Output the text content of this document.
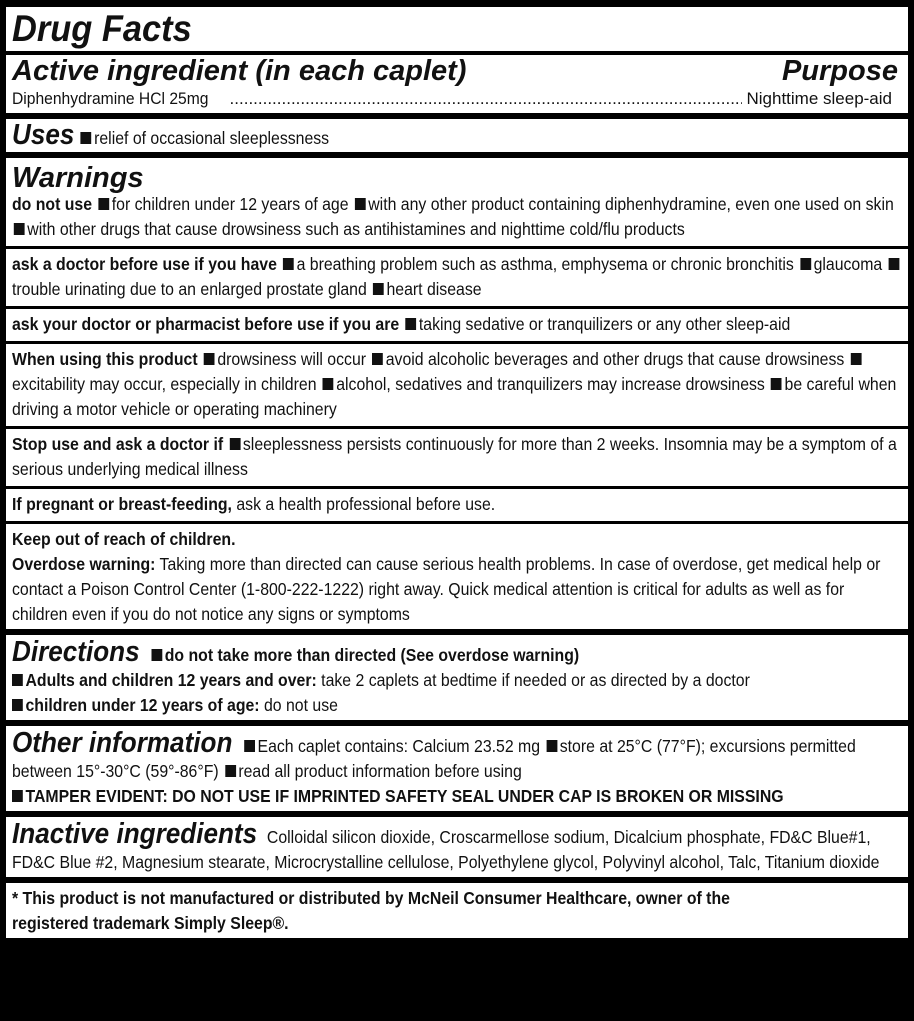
Drug Facts
Active ingredient (in each caplet)	Purpose
Diphenhydramine HCl 25mg
.....	Nighttime sleep-aid
Uses relief of occasional sleeplessness
Warnings
do not use for children under 12 years of age with any other product containing diphenhydramine, even one used on skin with other drugs that cause drowsiness such as antihistamines and nighttime cold/flu products
ask a doctor before use if you have a breathing problem such as asthma, emphysema or chronic bronchitis glaucoma trouble urinating due to an enlarged prostate gland heart disease
ask your doctor or pharmacist before use if you are taking sedative or tranquilizers or any other sleep-aid
When using this product drowsiness will occur avoid alcoholic beverages and other drugs that cause drowsiness excitability may occur, especially in children alcohol, sedatives and tranquilizers may increase drowsiness be careful when driving a motor vehicle or operating machinery
Stop use and ask a doctor if sleeplessness persists continuously for more than 2 weeks. Insomnia may be a symptom of a serious underlying medical illness
If pregnant or breast-feeding, ask a health professional before use.
Keep out of reach of children.
Overdose warning: Taking more than directed can cause serious health problems. In case of overdose, get medical help or contact a Poison Control Center (1-800-222-1222) right away. Quick medical attention is critical for adults as well as for children even if you do not notice any signs or symptoms
Directions do not take more than directed (See overdose warning)
Adults and children 12 years and over: take 2 caplets at bedtime if needed or as directed by a doctor
children under 12 years of age: do not use
Other information Each caplet contains: Calcium 23.52 mg store at 25°C (77°F); excursions permitted between 15°-30°C (59°-86°F) read all product information before using
TAMPER EVIDENT: DO NOT USE IF IMPRINTED SAFETY SEAL UNDER CAP IS BROKEN OR MISSING
Inactive ingredients Colloidal silicon dioxide, Croscarmellose sodium, Dicalcium phosphate, FD&C Blue#1, FD&C Blue #2, Magnesium stearate, Microcrystalline cellulose, Polyethylene glycol, Polyvinyl alcohol, Talc, Titanium dioxide
* This product is not manufactured or distributed by McNeil Consumer Healthcare, owner of the registered trademark Simply Sleep®.
